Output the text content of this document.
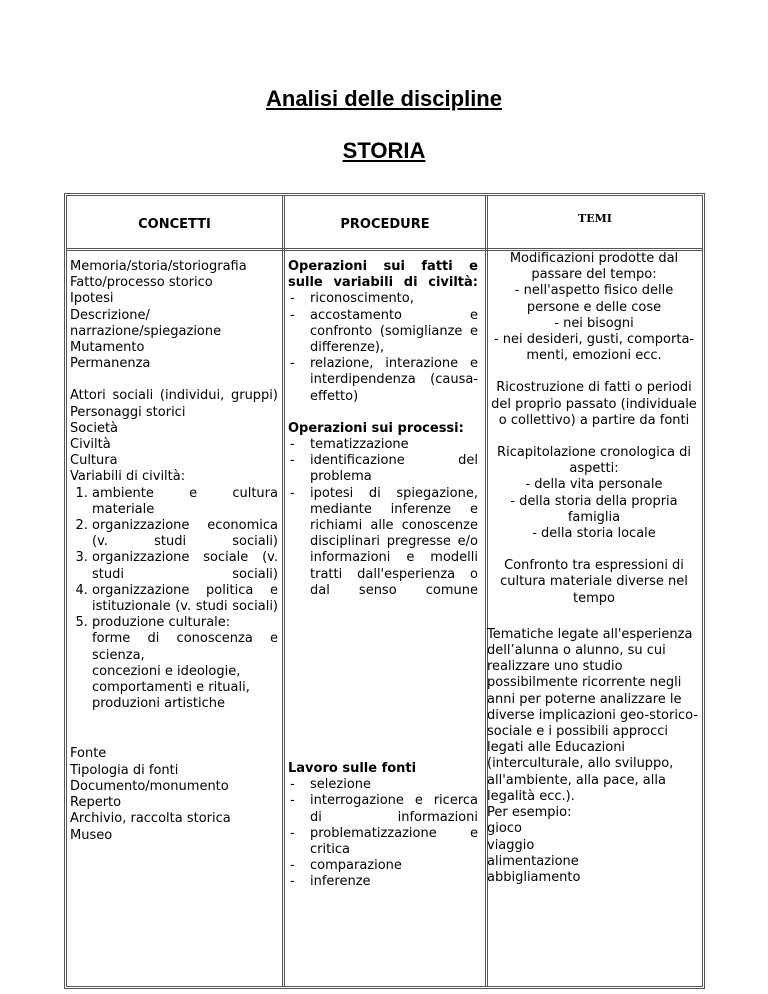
Analisi delle discipline
STORIA
CONCETTI	PROCEDURE	TEMI
Memoria/storia/storiografia
Fatto/processo storico
Ipotesi
Descrizione/ narrazione/spiegazione
Mutamento
Permanenza
Attori sociali (individui, gruppi)
Personaggi storici
Società
Civiltà
Cultura
Variabili di civiltà:
1. ambiente e cultura materiale
2. organizzazione economica (v. studi sociali)
3. organizzazione sociale (v. studi sociali)
4. organizzazione politica e istituzionale (v. studi sociali)
5. produzione culturale:
forme di conoscenza e scienza,
concezioni e ideologie,
comportamenti e rituali,
produzioni artistiche
Fonte
Tipologia di fonti
Documento/monumento
Reperto
Archivio, raccolta storica
Museo
Operazioni sui fatti e sulle variabili di civiltà:
- riconoscimento,
- accostamento e confronto (somiglianze e differenze),
- relazione, interazione e interdipendenza (causa-effetto)
Operazioni sui processi:
- tematizzazione
- identificazione del problema
- ipotesi di spiegazione, mediante inferenze e richiami alle conoscenze disciplinari pregresse e/o informazioni e modelli tratti dall'esperienza o dal senso comune
Lavoro sulle fonti
- selezione
- interrogazione e ricerca di informazioni
- problematizzazione e critica
- comparazione
- inferenze
Modificazioni prodotte dal passare del tempo:
- nell'aspetto fisico delle persone e delle cose
- nei bisogni
- nei desideri, gusti, comporta-menti, emozioni ecc.
Ricostruzione di fatti o periodi del proprio passato (individuale o collettivo) a partire da fonti
Ricapitolazione cronologica di aspetti:
- della vita personale
- della storia della propria famiglia
- della storia locale
Confronto tra espressioni di cultura materiale diverse nel tempo
Tematiche legate all'esperienza dell’alunna o alunno, su cui realizzare uno studio possibilmente ricorrente negli anni per poterne analizzare le diverse implicazioni geo-storico-sociale e i possibili approcci legati alle Educazioni (interculturale, allo sviluppo, all'ambiente, alla pace, alla legalità ecc.).
Per esempio:
gioco
viaggio
alimentazione
abbigliamento
